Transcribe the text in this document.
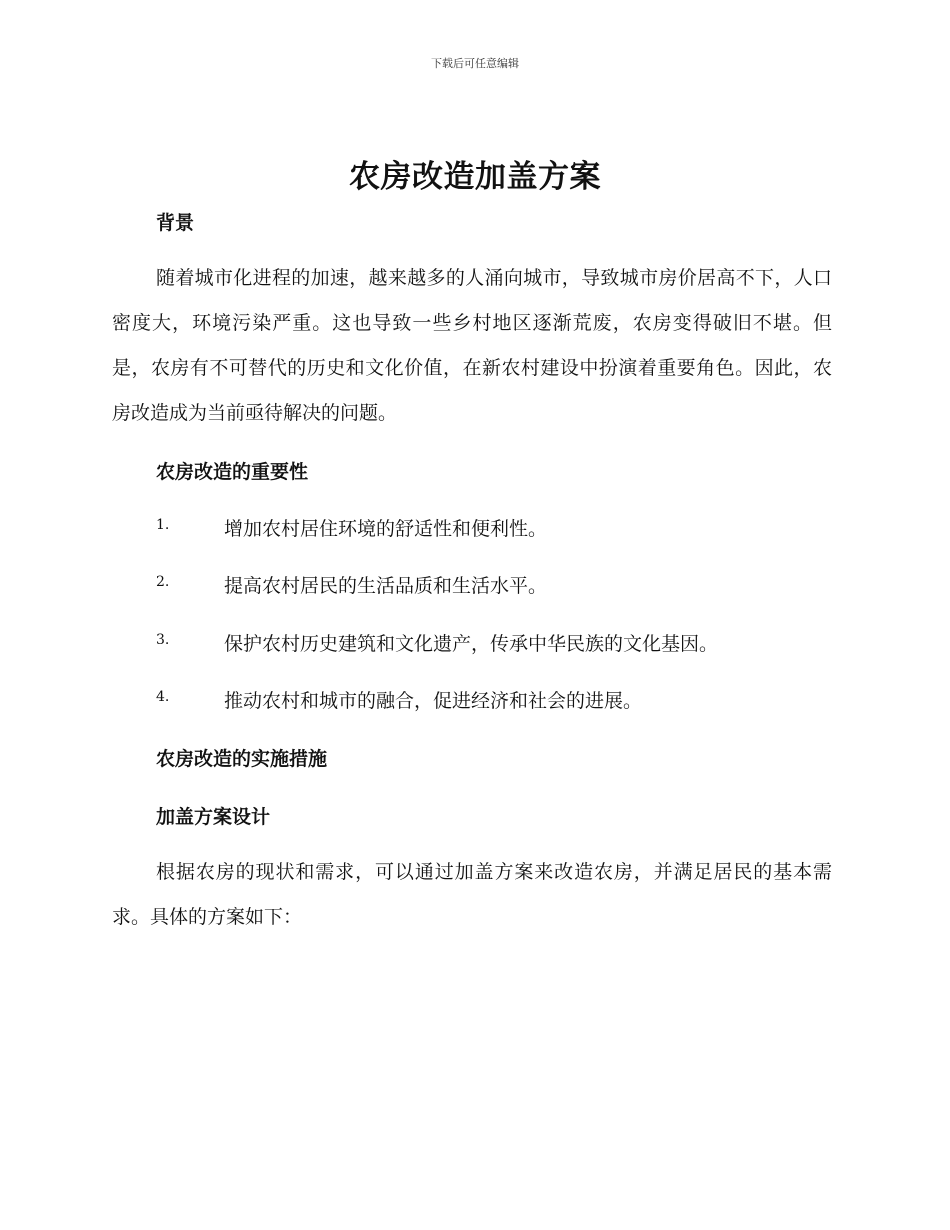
下载后可任意编辑
农房改造加盖方案
背景

随着城市化进程的加速，越来越多的人涌向城市，导致城市房价居高不下，人口密度大，环境污染严重。这也导致一些乡村地区逐渐荒废，农房变得破旧不堪。但是，农房有不可替代的历史和文化价值，在新农村建设中扮演着重要角色。因此，农房改造成为当前亟待解决的问题。

农房改造的重要性
1.	增加农村居住环境的舒适性和便利性。
2.	提高农村居民的生活品质和生活水平。
3.	保护农村历史建筑和文化遗产，传承中华民族的文化基因。
4.	推动农村和城市的融合，促进经济和社会的进展。
农房改造的实施措施
加盖方案设计

根据农房的现状和需求，可以通过加盖方案来改造农房，并满足居民的基本需求。具体的方案如下：
